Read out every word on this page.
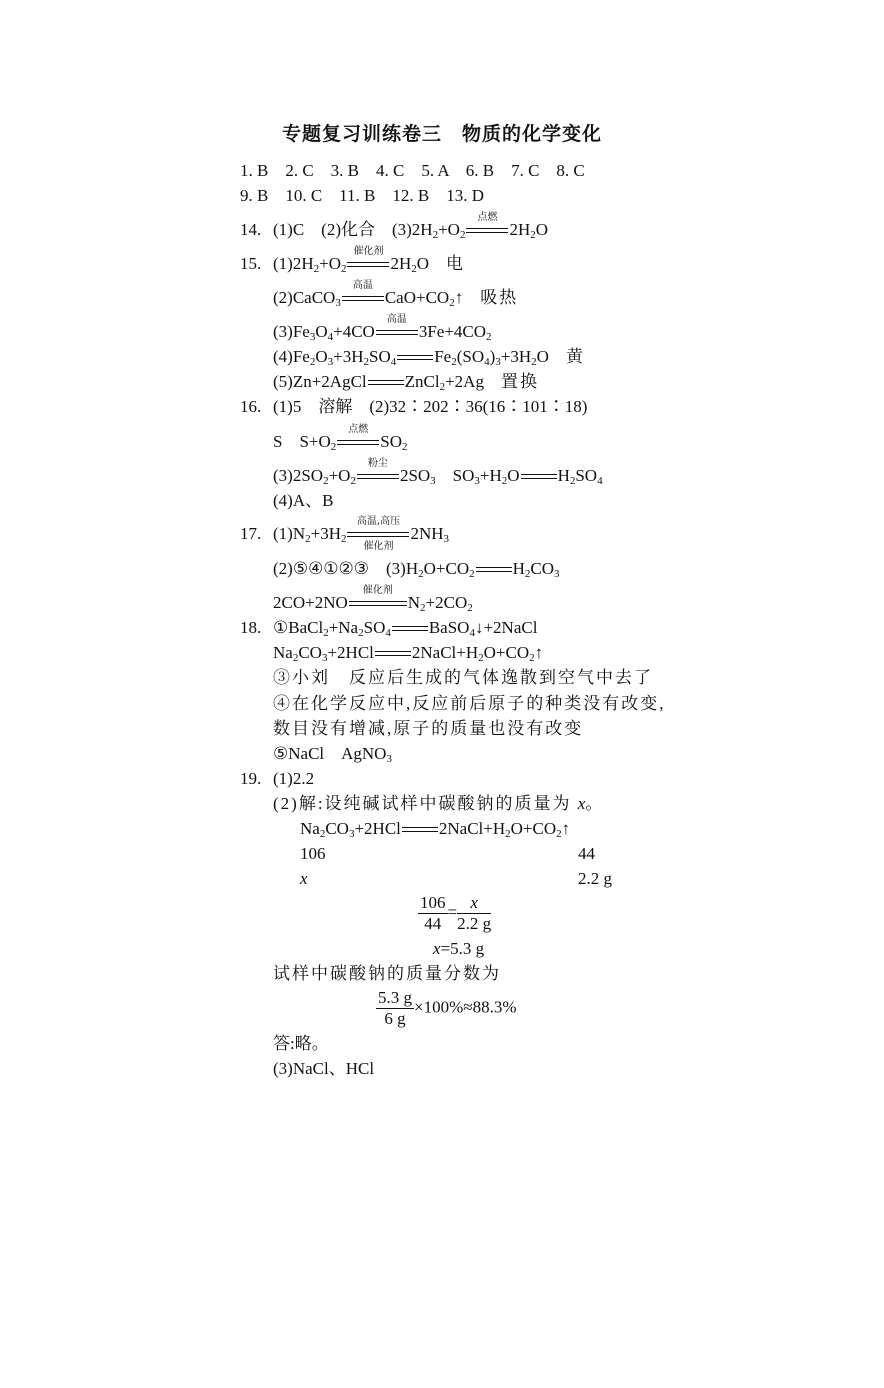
专题复习训练卷三　物质的化学变化
1. B　2. C　3. B　4. C　5. A　6. B　7. C　8. C
9. B　10. C　11. B　12. B　13. D
14. (1)C　(2)化合　$(3)2H_2+O_2$
点燃
$2H_2O$
15. $(1)2H_2+O_2$
催化剂
$2H_2O$　电
(2)CaCO$_3$
高温
$CaO+CO_2↑$　吸热
$(3)Fe_3O_4+4CO$
高温
$3Fe+4CO_2$
$(4)Fe_2O_3+3H_2SO_4$ $Fe_2(SO_4)_3+3H_2O$　黄
(5)Zn+2AgCl ZnCl$_2$+2Ag　置换
16. (1)5　溶解　(2)32∶202∶36(16∶101∶18)
S　$S+O_2$
点燃
$SO_2$
$(3)2SO_2+O_2$
粉尘
$2SO_3$　$SO_3+H_2O$ $H_2SO_4$
(4)A、B
17. $(1)N_2+3H_2$
高温,高压
催化剂
$2NH_3$
(2)⑤④①②③　$(3)H_2O+CO_2$ $H_2CO_3$
2CO+2NO
催化剂
$N_2+2CO_2$
18. $①BaCl_2+Na_2SO_4$ BaSO$_4$↓+2NaCl
$Na_2CO_3+2HCl$ $2NaCl+H_2O+CO_2↑$
③小刘　反应后生成的气体逸散到空气中去了
④在化学反应中,反应前后原子的种类没有改变,
数目没有增减,原子的质量也没有改变
⑤NaCl　AgNO$_3$
19. (1)2.2
(2)解:设纯碱试样中碳酸钠的质量为 x。
$Na_2CO_3+2HCl$ $2NaCl+H_2O+CO_2↑$
106	44
x	2.2 g
$\frac{106}{44} = \frac{x}{2.2 g}$
x=5.3 g
试样中碳酸钠的质量分数为
$\frac{5.3 g}{6 g} \times 100\%\approx 88.3\%$
答:略。
(3)NaCl、HCl
